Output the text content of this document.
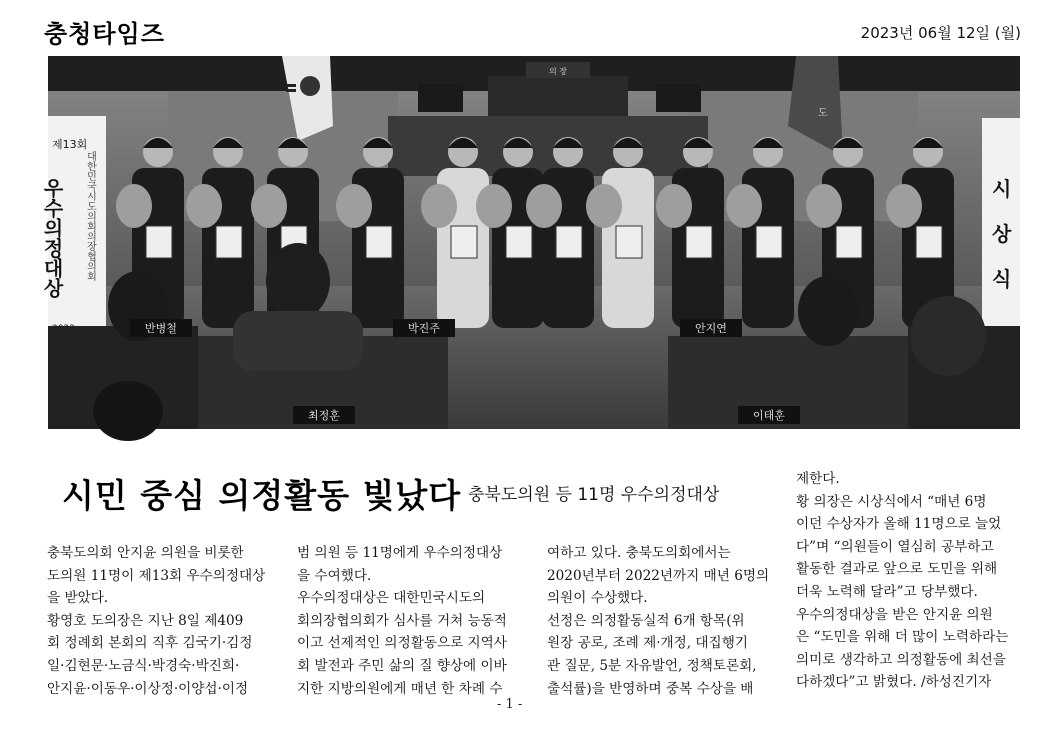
충청타임즈	2023년 06월 12일 (월)
의 장
도
제13회
우수의정대상 대한민국시도의회의장협의회	시
상
식
반병철	박진주	안지연
최정훈	이태훈
시민 중심 의정활동 빛났다 충북도의원 등 11명 우수의정대상

충북도의회 안지윤 의원을 비롯한

도의원 11명이 제13회 우수의정대상

을 받았다.

황영호 도의장은 지난 8일 제409

회 정례회 본회의 직후 김국기·김정

일·김현문·노금식·박경숙·박진희·

안지윤·이동우·이상정·이양섭·이정

범 의원 등 11명에게 우수의정대상

을 수여했다.

우수의정대상은 대한민국시도의

회의장협의회가 심사를 거쳐 능동적

이고 선제적인 의정활동으로 지역사

회 발전과 주민 삶의 질 향상에 이바

지한 지방의원에게 매년 한 차례 수

여하고 있다. 충북도의회에서는

2020년부터 2022년까지 매년 6명의

의원이 수상했다.

선정은 의정활동실적 6개 항목(위

원장 공로, 조례 제·개정, 대집행기

관 질문, 5분 자유발언, 정책토론회,

출석률)을 반영하며 중복 수상을 배

제한다.

황 의장은 시상식에서 “매년 6명

이던 수상자가 올해 11명으로 늘었

다”며 “의원들이 열심히 공부하고

활동한 결과로 앞으로 도민을 위해

더욱 노력해 달라”고 당부했다.

우수의정대상을 받은 안지윤 의원

은 “도민을 위해 더 많이 노력하라는

의미로 생각하고 의정활동에 최선을

다하겠다”고 밝혔다. /하성진기자

- 1 -
